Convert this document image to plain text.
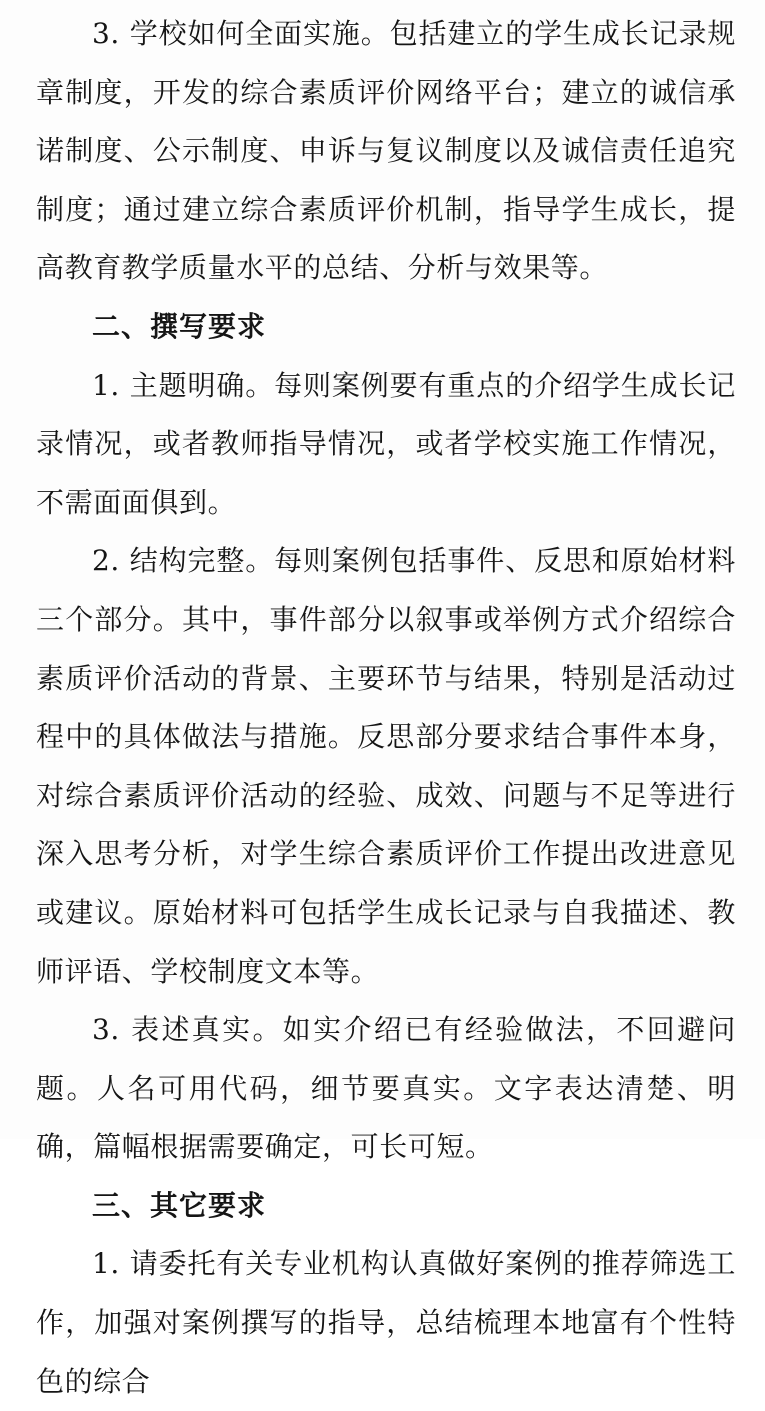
3. 学校如何全面实施。包括建立的学生成长记录规章制度，开发的综合素质评价网络平台；建立的诚信承诺制度、公示制度、申诉与复议制度以及诚信责任追究制度；通过建立综合素质评价机制，指导学生成长，提高教育教学质量水平的总结、分析与效果等。

二、撰写要求

1. 主题明确。每则案例要有重点的介绍学生成长记录情况，或者教师指导情况，或者学校实施工作情况，不需面面俱到。

2. 结构完整。每则案例包括事件、反思和原始材料三个部分。其中，事件部分以叙事或举例方式介绍综合素质评价活动的背景、主要环节与结果，特别是活动过程中的具体做法与措施。反思部分要求结合事件本身，对综合素质评价活动的经验、成效、问题与不足等进行深入思考分析，对学生综合素质评价工作提出改进意见或建议。原始材料可包括学生成长记录与自我描述、教师评语、学校制度文本等。

3. 表述真实。如实介绍已有经验做法，不回避问题。人名可用代码，细节要真实。文字表达清楚、明确，篇幅根据需要确定，可长可短。

三、其它要求

1. 请委托有关专业机构认真做好案例的推荐筛选工作，加强对案例撰写的指导，总结梳理本地富有个性特色的综合
